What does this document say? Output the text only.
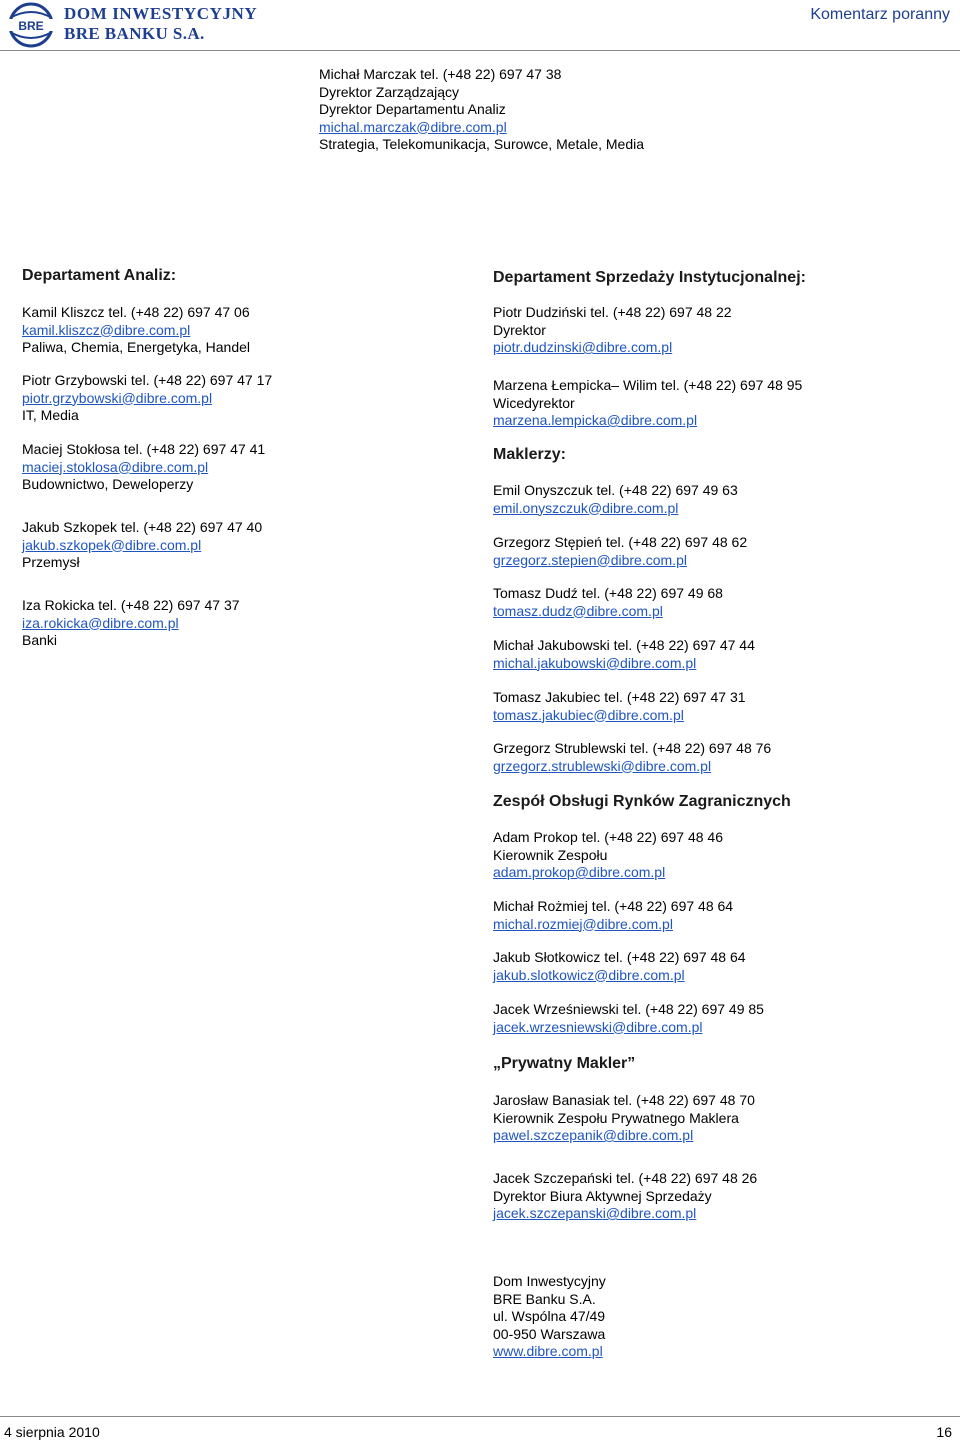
BRE
DOM INWESTYCYJNY
BRE BANKU S.A.
Komentarz poranny
Michał Marczak tel. (+48 22) 697 47 38
Dyrektor Zarządzający
Dyrektor Departamentu Analiz
michal.marczak@dibre.com.pl
Strategia, Telekomunikacja, Surowce, Metale, Media
Departament Analiz:
Kamil Kliszcz tel. (+48 22) 697 47 06
kamil.kliszcz@dibre.com.pl
Paliwa, Chemia, Energetyka, Handel
Piotr Grzybowski tel. (+48 22) 697 47 17
piotr.grzybowski@dibre.com.pl
IT, Media
Maciej Stokłosa tel. (+48 22) 697 47 41
maciej.stoklosa@dibre.com.pl
Budownictwo, Deweloperzy
Jakub Szkopek tel. (+48 22) 697 47 40
jakub.szkopek@dibre.com.pl
Przemysł
Iza Rokicka tel. (+48 22) 697 47 37
iza.rokicka@dibre.com.pl
Banki
Departament Sprzedaży Instytucjonalnej:
Piotr Dudziński tel. (+48 22) 697 48 22
Dyrektor
piotr.dudzinski@dibre.com.pl
Marzena Łempicka– Wilim tel. (+48 22) 697 48 95
Wicedyrektor
marzena.lempicka@dibre.com.pl
Maklerzy:
Emil Onyszczuk tel. (+48 22) 697 49 63
emil.onyszczuk@dibre.com.pl
Grzegorz Stępień tel. (+48 22) 697 48 62
grzegorz.stepien@dibre.com.pl
Tomasz Dudź tel. (+48 22) 697 49 68
tomasz.dudz@dibre.com.pl
Michał Jakubowski tel. (+48 22) 697 47 44
michal.jakubowski@dibre.com.pl
Tomasz Jakubiec tel. (+48 22) 697 47 31
tomasz.jakubiec@dibre.com.pl
Grzegorz Strublewski tel. (+48 22) 697 48 76
grzegorz.strublewski@dibre.com.pl
Zespół Obsługi Rynków Zagranicznych
Adam Prokop tel. (+48 22) 697 48 46
Kierownik Zespołu
adam.prokop@dibre.com.pl
Michał Rożmiej tel. (+48 22) 697 48 64
michal.rozmiej@dibre.com.pl
Jakub Słotkowicz tel. (+48 22) 697 48 64
jakub.slotkowicz@dibre.com.pl
Jacek Wrześniewski tel. (+48 22) 697 49 85
jacek.wrzesniewski@dibre.com.pl
„Prywatny Makler”
Jarosław Banasiak tel. (+48 22) 697 48 70
Kierownik Zespołu Prywatnego Maklera
pawel.szczepanik@dibre.com.pl
Jacek Szczepański tel. (+48 22) 697 48 26
Dyrektor Biura Aktywnej Sprzedaży
jacek.szczepanski@dibre.com.pl
Dom Inwestycyjny
BRE Banku S.A.
ul. Wspólna 47/49
00-950 Warszawa
www.dibre.com.pl
4 sierpnia 2010	16
